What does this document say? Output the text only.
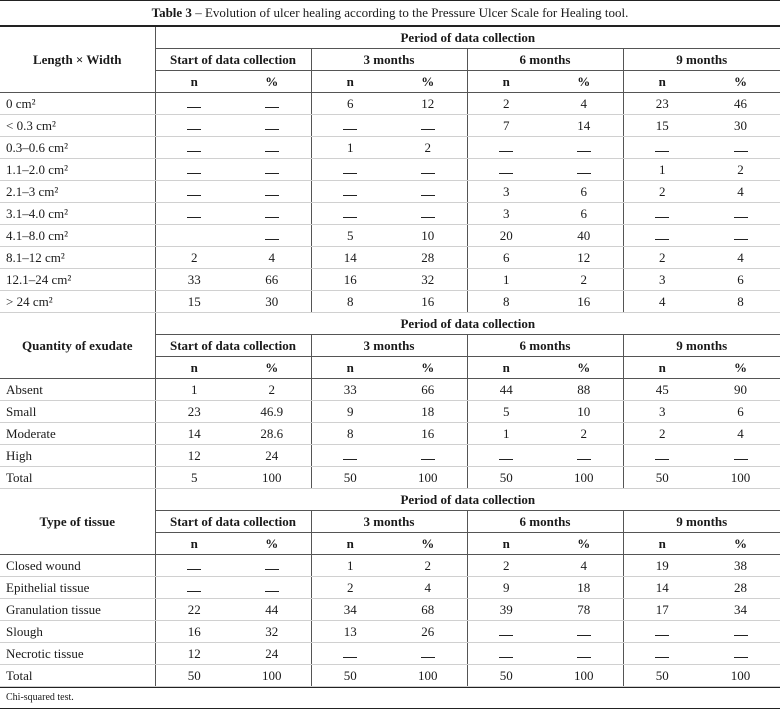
Table 3 – Evolution of ulcer healing according to the Pressure Ulcer Scale for Healing tool.
Length × Width	Period of data collection							
	Start of data collection		3 months		6 months		9 months	
	n	%	n	%	n	%	n	%
0 cm²			6	12	2	4	23	46
< 0.3 cm²					7	14	15	30
0.3–0.6 cm²			1	2				
1.1–2.0 cm²							1	2
2.1–3 cm²					3	6	2	4
3.1–4.0 cm²					3	6		
4.1–8.0 cm²			5	10	20	40		
8.1–12 cm²	2	4	14	28	6	12	2	4
12.1–24 cm²	33	66	16	32	1	2	3	6
> 24 cm²	15	30	8	16	8	16	4	8
Quantity of exudate	Period of data collection							
	Start of data collection		3 months		6 months		9 months	
	n	%	n	%	n	%	n	%
Absent	1	2	33	66	44	88	45	90
Small	23	46.9	9	18	5	10	3	6
Moderate	14	28.6	8	16	1	2	2	4
High	12	24						
Total	5	100	50	100	50	100	50	100
Type of tissue	Period of data collection							
	Start of data collection		3 months		6 months		9 months	
	n	%	n	%	n	%	n	%
Closed wound			1	2	2	4	19	38
Epithelial tissue			2	4	9	18	14	28
Granulation tissue	22	44	34	68	39	78	17	34
Slough	16	32	13	26				
Necrotic tissue	12	24						
Total	50	100	50	100	50	100	50	100
Chi-squared test.
